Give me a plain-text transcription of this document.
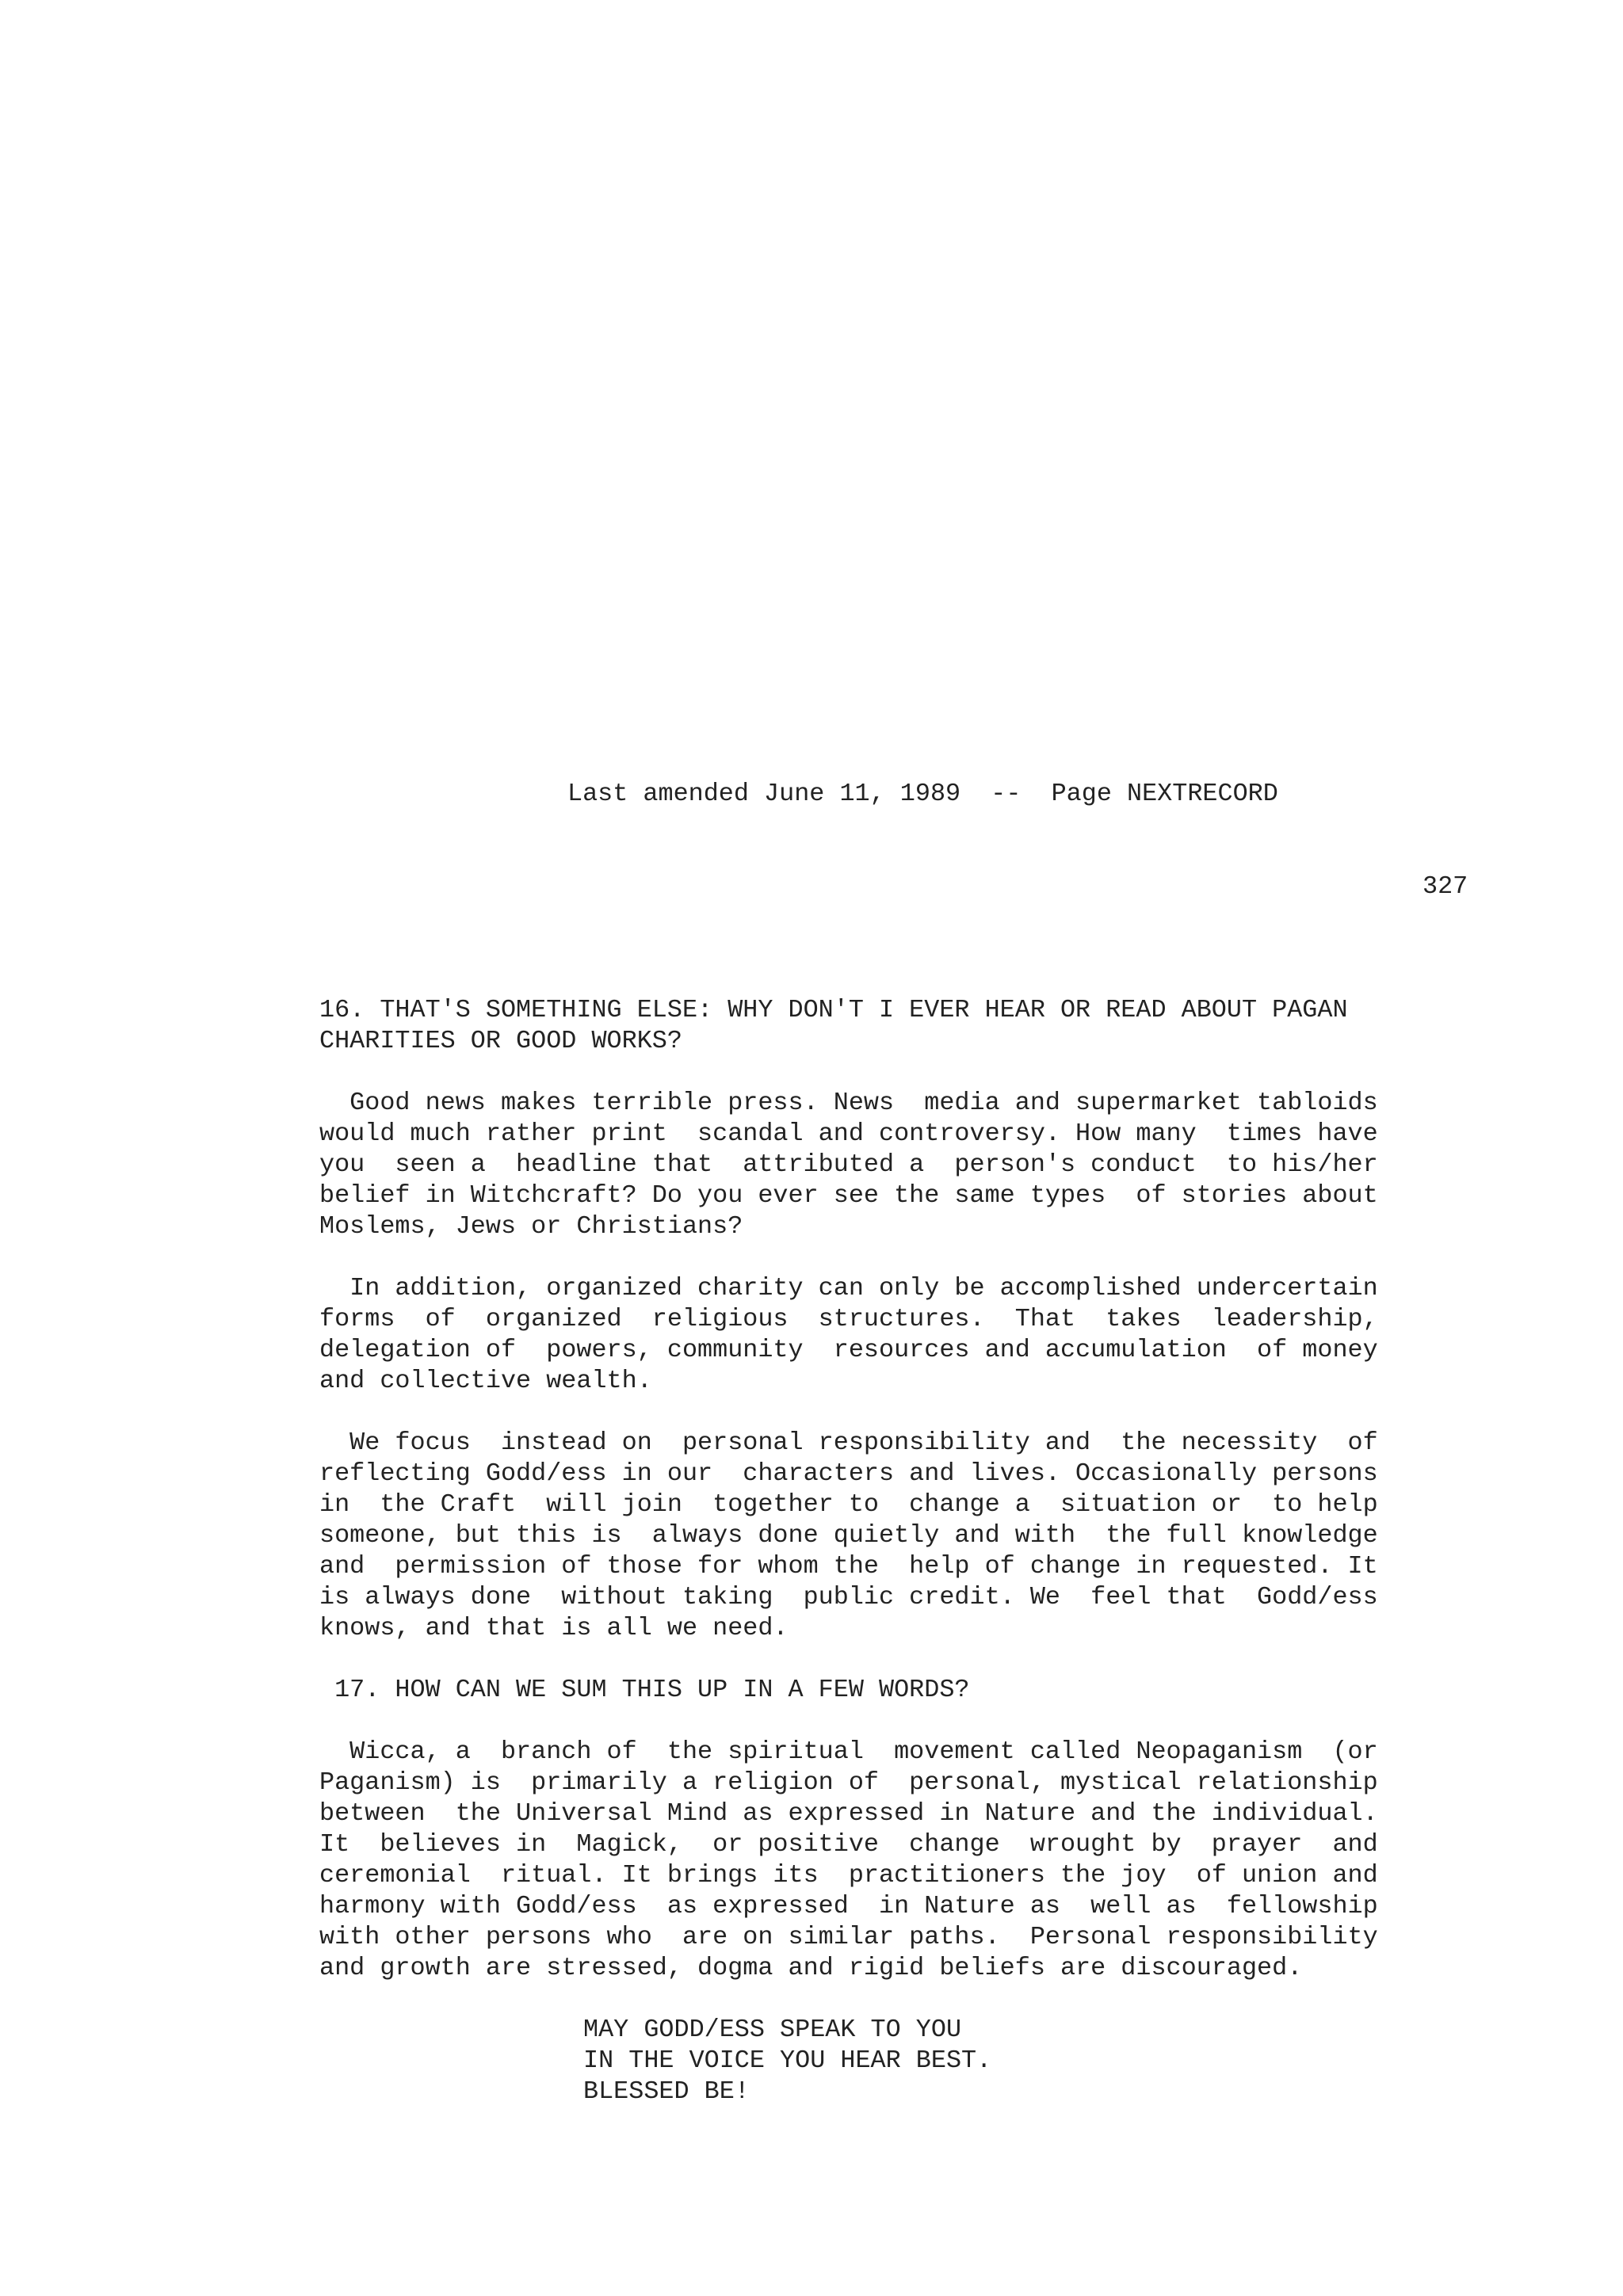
Last amended June 11, 1989  --  Page NEXTRECORD
327
16. THAT'S SOMETHING ELSE: WHY DON'T I EVER HEAR OR READ ABOUT PAGAN
CHARITIES OR GOOD WORKS?
Good news makes terrible press. News  media and supermarket tabloids
would much rather print  scandal and controversy. How many  times have
you  seen a  headline that  attributed a  person's conduct  to his/her
belief in Witchcraft? Do you ever see the same types  of stories about
Moslems, Jews or Christians?
In addition, organized charity can only be accomplished undercertain
forms  of  organized  religious  structures.  That  takes  leadership,
delegation of  powers, community  resources and accumulation  of money
and collective wealth.
We focus  instead on  personal responsibility and  the necessity  of
reflecting Godd/ess in our  characters and lives. Occasionally persons
in  the Craft  will join  together to  change a  situation or  to help
someone, but this is  always done quietly and with  the full knowledge
and  permission of those for whom the  help of change in requested. It
is always done  without taking  public credit. We  feel that  Godd/ess
knows, and that is all we need.
17. HOW CAN WE SUM THIS UP IN A FEW WORDS?
Wicca, a  branch of  the spiritual  movement called Neopaganism  (or
Paganism) is  primarily a religion of  personal, mystical relationship
between  the Universal Mind as expressed in Nature and the individual.
It  believes in  Magick,  or positive  change  wrought by  prayer  and
ceremonial  ritual. It brings its  practitioners the joy  of union and
harmony with Godd/ess  as expressed  in Nature as  well as  fellowship
with other persons who  are on similar paths.  Personal responsibility
and growth are stressed, dogma and rigid beliefs are discouraged.
MAY GODD/ESS SPEAK TO YOU
IN THE VOICE YOU HEAR BEST.
BLESSED BE!
